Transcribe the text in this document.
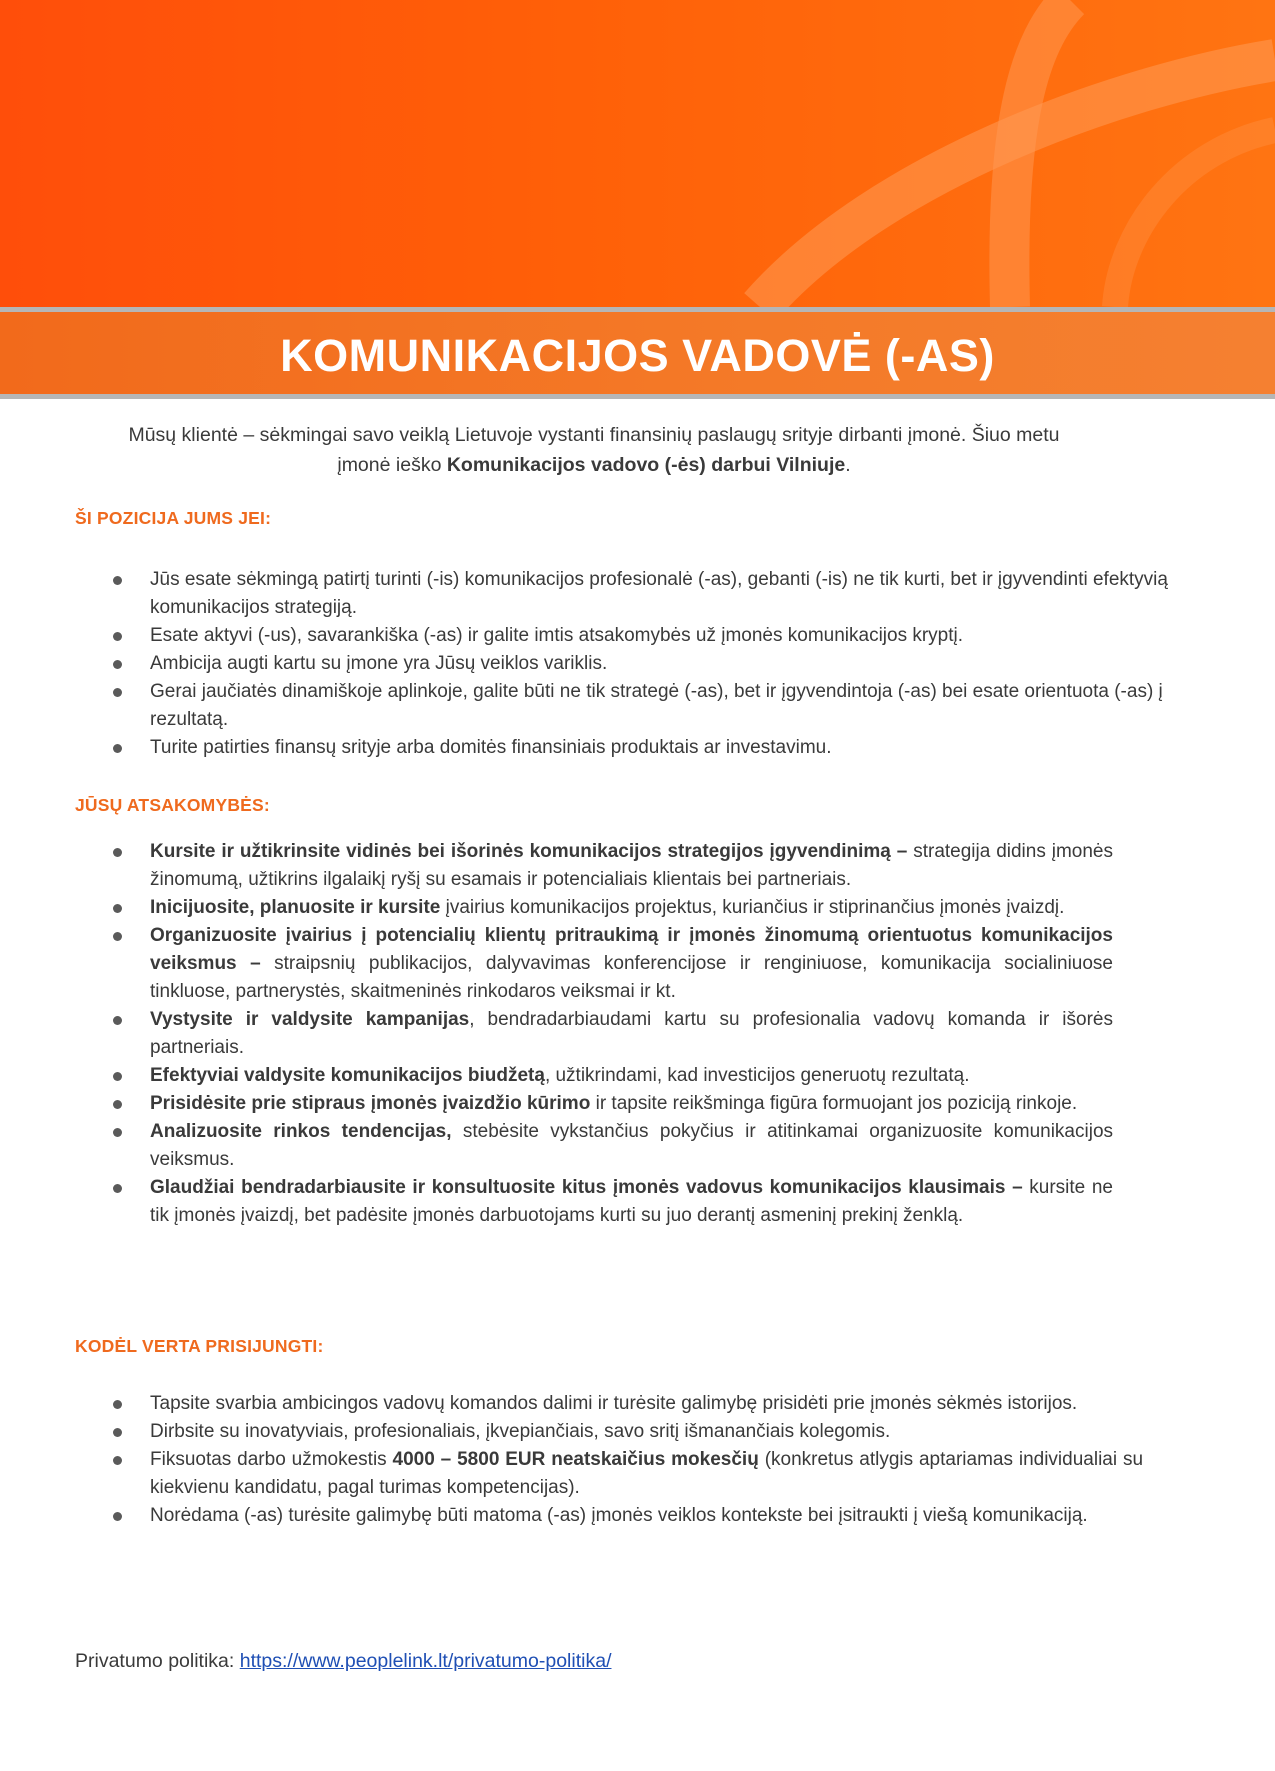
KOMUNIKACIJOS VADOVĖ (-AS)
Mūsų klientė – sėkmingai savo veiklą Lietuvoje vystanti finansinių paslaugų srityje dirbanti įmonė. Šiuo metu
įmonė ieško Komunikacijos vadovo (-ės) darbui Vilniuje.
ŠI POZICIJA JUMS JEI:
Jūs esate sėkmingą patirtį turinti (-is) komunikacijos profesionalė (-as), gebanti (-is) ne tik kurti, bet ir įgyvendinti efektyvią komunikacijos strategiją.
Esate aktyvi (-us), savarankiška (-as) ir galite imtis atsakomybės už įmonės komunikacijos kryptį.
Ambicija augti kartu su įmone yra Jūsų veiklos variklis.
Gerai jaučiatės dinamiškoje aplinkoje, galite būti ne tik strategė (-as), bet ir įgyvendintoja (-as) bei esate orientuota (-as) į rezultatą.
Turite patirties finansų srityje arba domitės finansiniais produktais ar investavimu.
JŪSŲ ATSAKOMYBĖS:
Kursite ir užtikrinsite vidinės bei išorinės komunikacijos strategijos įgyvendinimą – strategija didins įmonės žinomumą, užtikrins ilgalaikį ryšį su esamais ir potencialiais klientais bei partneriais.
Inicijuosite, planuosite ir kursite įvairius komunikacijos projektus, kuriančius ir stiprinančius įmonės įvaizdį.
Organizuosite įvairius į potencialių klientų pritraukimą ir įmonės žinomumą orientuotus komunikacijos veiksmus – straipsnių publikacijos, dalyvavimas konferencijose ir renginiuose, komunikacija socialiniuose tinkluose, partnerystės, skaitmeninės rinkodaros veiksmai ir kt.
Vystysite ir valdysite kampanijas, bendradarbiaudami kartu su profesionalia vadovų komanda ir išorės partneriais.
Efektyviai valdysite komunikacijos biudžetą, užtikrindami, kad investicijos generuotų rezultatą.
Prisidėsite prie stipraus įmonės įvaizdžio kūrimo ir tapsite reikšminga figūra formuojant jos poziciją rinkoje.
Analizuosite rinkos tendencijas, stebėsite vykstančius pokyčius ir atitinkamai organizuosite komunikacijos veiksmus.
Glaudžiai bendradarbiausite ir konsultuosite kitus įmonės vadovus komunikacijos klausimais – kursite ne tik įmonės įvaizdį, bet padėsite įmonės darbuotojams kurti su juo derantį asmeninį prekinį ženklą.
KODĖL VERTA PRISIJUNGTI:
Tapsite svarbia ambicingos vadovų komandos dalimi ir turėsite galimybę prisidėti prie įmonės sėkmės istorijos.
Dirbsite su inovatyviais, profesionaliais, įkvepiančiais, savo sritį išmanančiais kolegomis.
Fiksuotas darbo užmokestis 4000 – 5800 EUR neatskaičius mokesčių (konkretus atlygis aptariamas individualiai su kiekvienu kandidatu, pagal turimas kompetencijas).
Norėdama (-as) turėsite galimybę būti matoma (-as) įmonės veiklos kontekste bei įsitraukti į viešą komunikaciją.
Privatumo politika: https://www.peoplelink.lt/privatumo-politika/
